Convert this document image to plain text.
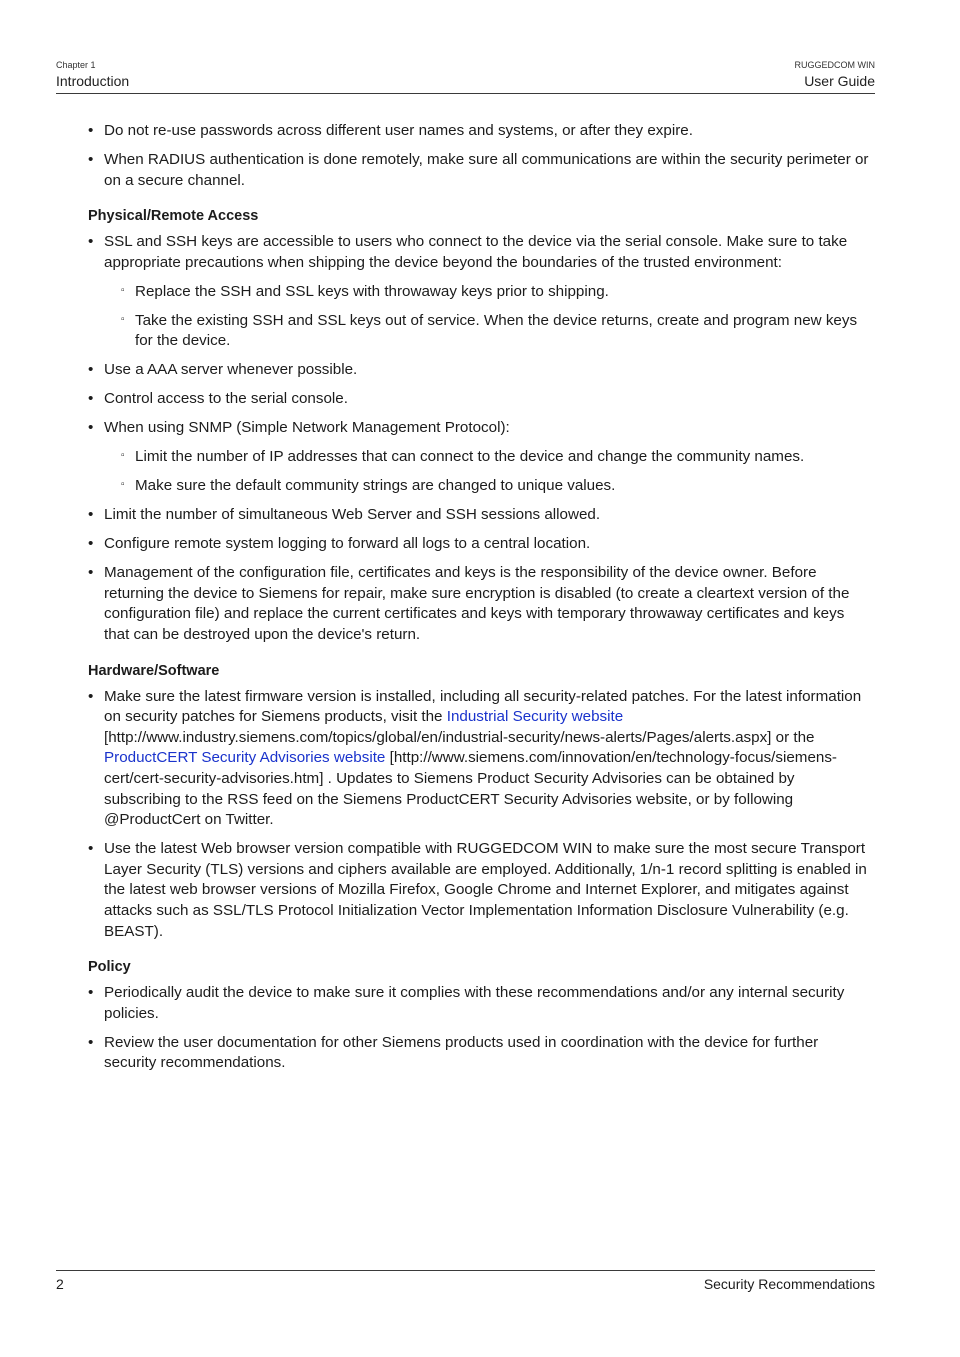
Chapter 1
Introduction
RUGGEDCOM WIN
User Guide
• Do not re-use passwords across different user names and systems, or after they expire.
• When RADIUS authentication is done remotely, make sure all communications are within the security perimeter or on a secure channel.
Physical/Remote Access
• SSL and SSH keys are accessible to users who connect to the device via the serial console. Make sure to take appropriate precautions when shipping the device beyond the boundaries of the trusted environment:
▫ Replace the SSH and SSL keys with throwaway keys prior to shipping.
▫ Take the existing SSH and SSL keys out of service. When the device returns, create and program new keys for the device.
• Use a AAA server whenever possible.
• Control access to the serial console.
• When using SNMP (Simple Network Management Protocol):
▫ Limit the number of IP addresses that can connect to the device and change the community names.
▫ Make sure the default community strings are changed to unique values.
• Limit the number of simultaneous Web Server and SSH sessions allowed.
• Configure remote system logging to forward all logs to a central location.
• Management of the configuration file, certificates and keys is the responsibility of the device owner. Before returning the device to Siemens for repair, make sure encryption is disabled (to create a cleartext version of the configuration file) and replace the current certificates and keys with temporary throwaway certificates and keys that can be destroyed upon the device's return.
Hardware/Software
• Make sure the latest firmware version is installed, including all security-related patches. For the latest information on security patches for Siemens products, visit the Industrial Security website [http://www.industry.siemens.com/topics/global/en/industrial-security/news-alerts/Pages/alerts.aspx] or the ProductCERT Security Advisories website [http://www.siemens.com/innovation/en/technology-focus/siemens-cert/cert-security-advisories.htm] . Updates to Siemens Product Security Advisories can be obtained by subscribing to the RSS feed on the Siemens ProductCERT Security Advisories website, or by following @ProductCert on Twitter.
• Use the latest Web browser version compatible with RUGGEDCOM WIN to make sure the most secure Transport Layer Security (TLS) versions and ciphers available are employed. Additionally, 1/n-1 record splitting is enabled in the latest web browser versions of Mozilla Firefox, Google Chrome and Internet Explorer, and mitigates against attacks such as SSL/TLS Protocol Initialization Vector Implementation Information Disclosure Vulnerability (e.g. BEAST).
Policy
• Periodically audit the device to make sure it complies with these recommendations and/or any internal security policies.
• Review the user documentation for other Siemens products used in coordination with the device for further security recommendations.
2	Security Recommendations
